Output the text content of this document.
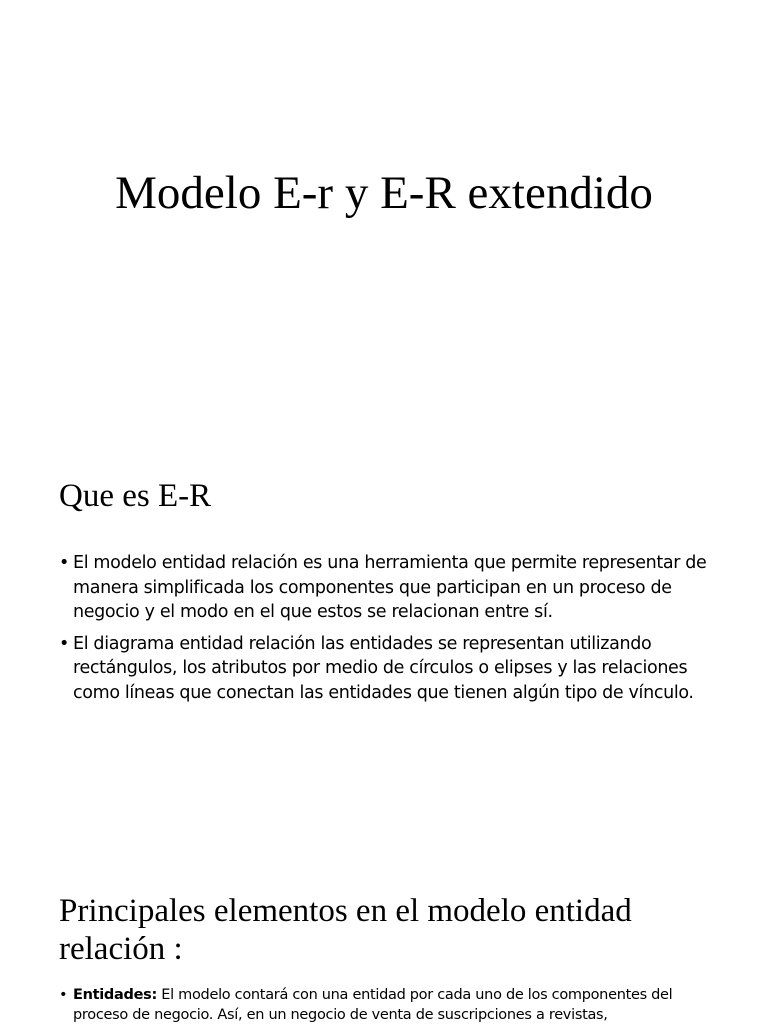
Modelo E-r y E-R extendido
Que es E-R
• El modelo entidad relación es una herramienta que permite representar de manera simplificada los componentes que participan en un proceso de negocio y el modo en el que estos se relacionan entre sí.
• El diagrama entidad relación las entidades se representan utilizando rectángulos, los atributos por medio de círculos o elipses y las relaciones como líneas que conectan las entidades que tienen algún tipo de vínculo.
Principales elementos en el modelo entidad relación :
• Entidades: El modelo contará con una entidad por cada uno de los componentes del proceso de negocio. Así, en un negocio de venta de suscripciones a revistas,
